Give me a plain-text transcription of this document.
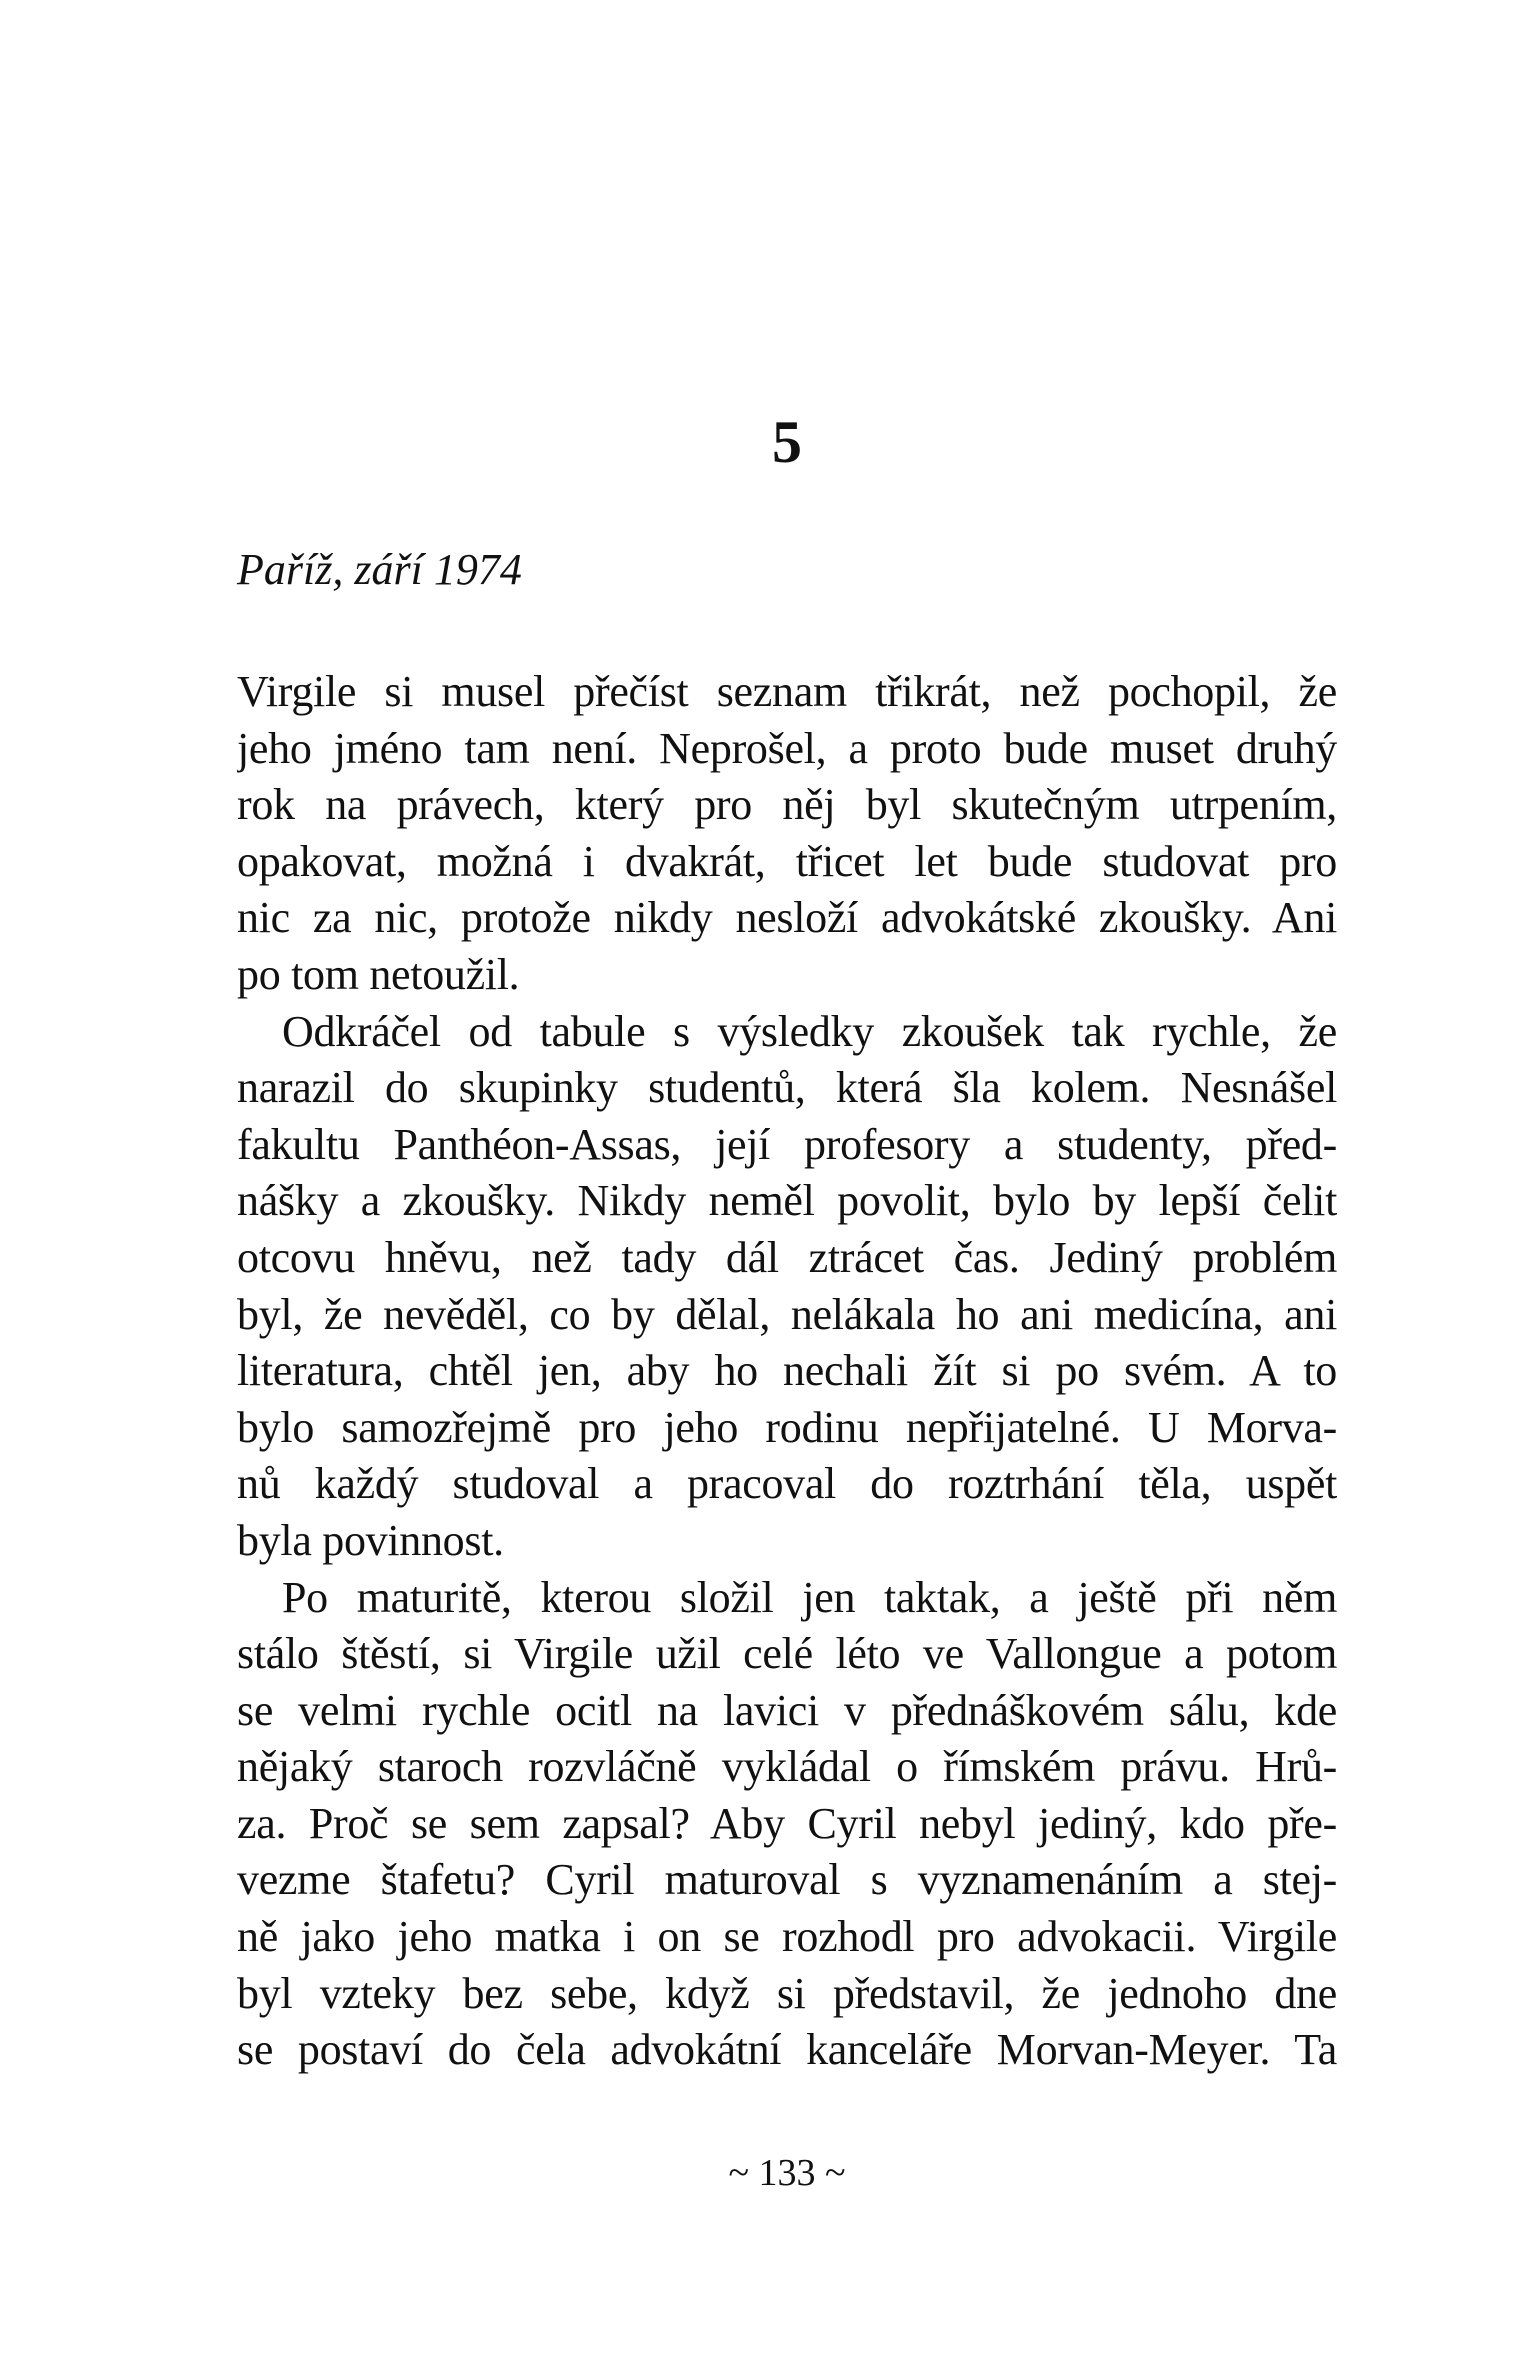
5
Paříž, září 1974
Virgile si musel přečíst seznam třikrát, než pochopil, že
jeho jméno tam není. Neprošel, a proto bude muset druhý
rok na právech, který pro něj byl skutečným utrpením,
opakovat, možná i dvakrát, třicet let bude studovat pro
nic za nic, protože nikdy nesloží advokátské zkoušky. Ani
po tom netoužil.
Odkráčel od tabule s výsledky zkoušek tak rychle, že
narazil do skupinky studentů, která šla kolem. Nesnášel
fakultu Panthéon-Assas, její profesory a studenty, před-
nášky a zkoušky. Nikdy neměl povolit, bylo by lepší čelit
otcovu hněvu, než tady dál ztrácet čas. Jediný problém
byl, že nevěděl, co by dělal, nelákala ho ani medicína, ani
literatura, chtěl jen, aby ho nechali žít si po svém. A to
bylo samozřejmě pro jeho rodinu nepřijatelné. U Morva-
nů každý studoval a pracoval do roztrhání těla, uspět
byla povinnost.
Po maturitě, kterou složil jen taktak, a ještě při něm
stálo štěstí, si Virgile užil celé léto ve Vallongue a potom
se velmi rychle ocitl na lavici v přednáškovém sálu, kde
nějaký staroch rozvláčně vykládal o římském právu. Hrů-
za. Proč se sem zapsal? Aby Cyril nebyl jediný, kdo pře-
vezme štafetu? Cyril maturoval s vyznamenáním a stej-
ně jako jeho matka i on se rozhodl pro advokacii. Virgile
byl vzteky bez sebe, když si představil, že jednoho dne
se postaví do čela advokátní kanceláře Morvan-Meyer. Ta
~ 133 ~
